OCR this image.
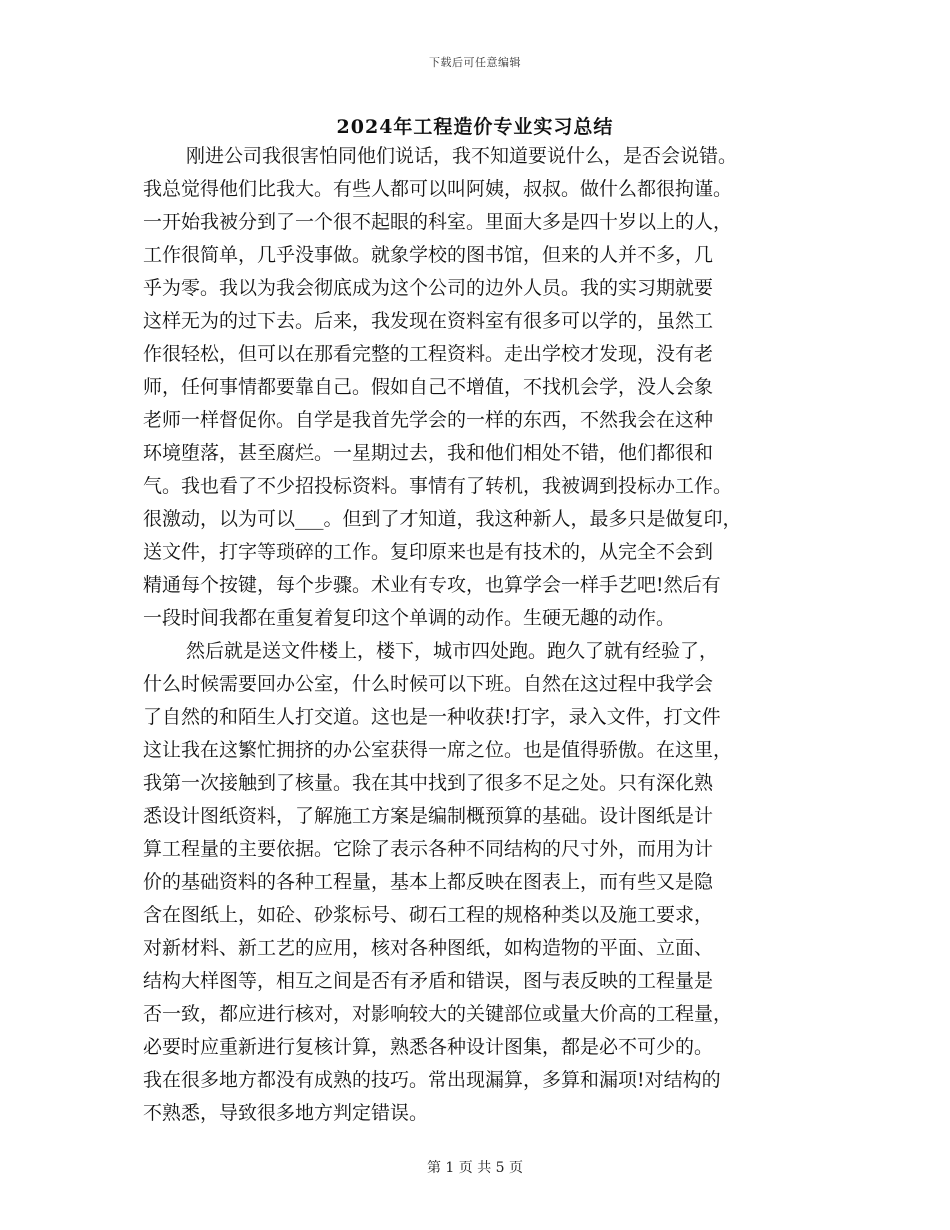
下载后可任意编辑
2024年工程造价专业实习总结
刚进公司我很害怕同他们说话，我不知道要说什么，是否会说错。
我总觉得他们比我大。有些人都可以叫阿姨，叔叔。做什么都很拘谨。
一开始我被分到了一个很不起眼的科室。里面大多是四十岁以上的人，
工作很简单，几乎没事做。就象学校的图书馆，但来的人并不多，几
乎为零。我以为我会彻底成为这个公司的边外人员。我的实习期就要
这样无为的过下去。后来，我发现在资料室有很多可以学的，虽然工
作很轻松，但可以在那看完整的工程资料。走出学校才发现，没有老
师，任何事情都要靠自己。假如自己不增值，不找机会学，没人会象
老师一样督促你。自学是我首先学会的一样的东西，不然我会在这种
环境堕落，甚至腐烂。一星期过去，我和他们相处不错，他们都很和
气。我也看了不少招投标资料。事情有了转机，我被调到投标办工作。
很激动，以为可以___。但到了才知道，我这种新人，最多只是做复印，
送文件，打字等琐碎的工作。复印原来也是有技术的，从完全不会到
精通每个按键，每个步骤。术业有专攻，也算学会一样手艺吧!然后有
一段时间我都在重复着复印这个单调的动作。生硬无趣的动作。
然后就是送文件楼上，楼下，城市四处跑。跑久了就有经验了，
什么时候需要回办公室，什么时候可以下班。自然在这过程中我学会
了自然的和陌生人打交道。这也是一种收获!打字，录入文件，打文件
这让我在这繁忙拥挤的办公室获得一席之位。也是值得骄傲。在这里，
我第一次接触到了核量。我在其中找到了很多不足之处。只有深化熟
悉设计图纸资料，了解施工方案是编制概预算的基础。设计图纸是计
算工程量的主要依据。它除了表示各种不同结构的尺寸外，而用为计
价的基础资料的各种工程量，基本上都反映在图表上，而有些又是隐
含在图纸上，如砼、砂浆标号、砌石工程的规格种类以及施工要求，
对新材料、新工艺的应用，核对各种图纸，如构造物的平面、立面、
结构大样图等，相互之间是否有矛盾和错误，图与表反映的工程量是
否一致，都应进行核对，对影响较大的关键部位或量大价高的工程量，
必要时应重新进行复核计算，熟悉各种设计图集，都是必不可少的。
我在很多地方都没有成熟的技巧。常出现漏算，多算和漏项!对结构的
不熟悉，导致很多地方判定错误。
第 1 页 共 5 页
